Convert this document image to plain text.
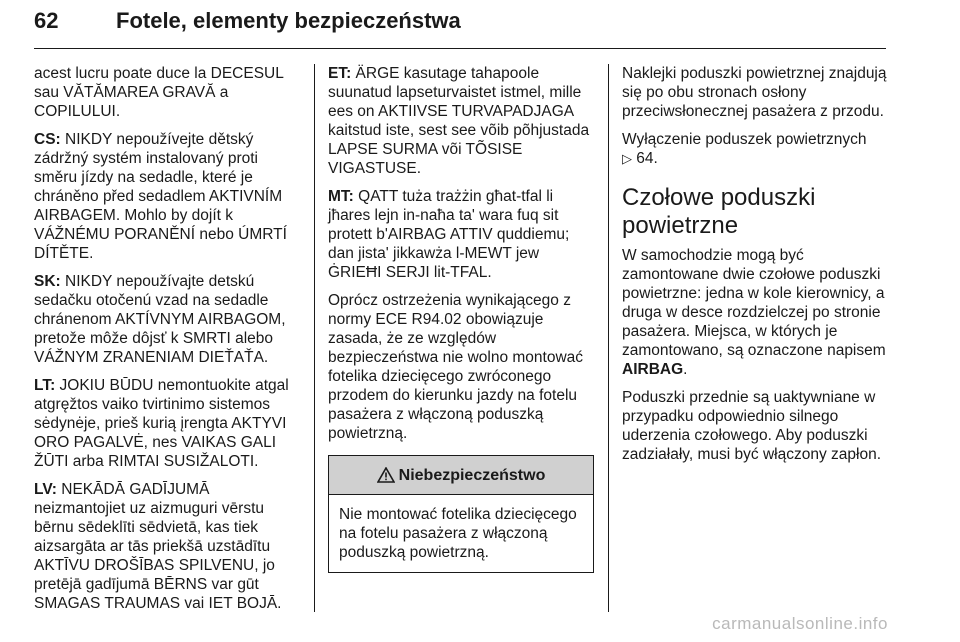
62	Fotele, elementy bezpieczeństwa

acest lucru poate duce la DECESUL sau VĂTĂMAREA GRAVĂ a COPILULUI.

CS: NIKDY nepoužívejte dětský zádržný systém instalovaný proti směru jízdy na sedadle, které je chráněno před sedadlem AKTIVNÍM AIRBAGEM. Mohlo by dojít k VÁŽNÉMU PORANĚNÍ nebo ÚMRTÍ DÍTĚTE.

SK: NIKDY nepoužívajte detskú sedačku otočenú vzad na sedadle chránenom AKTÍVNYM AIRBAGOM, pretože môže dôjsť k SMRTI alebo VÁŽNYM ZRANENIAM DIEŤAŤA.

LT: JOKIU BŪDU nemontuokite atgal atgręžtos vaiko tvirtinimo sistemos sėdynėje, prieš kurią įrengta AKTYVI ORO PAGALVĖ, nes VAIKAS GALI ŽŪTI arba RIMTAI SUSIŽALOTI.

LV: NEKĀDĀ GADĪJUMĀ neizmantojiet uz aizmuguri vērstu bērnu sēdeklīti sēdvietā, kas tiek aizsargāta ar tās priekšā uzstādītu AKTĪVU DROŠĪBAS SPILVENU, jo pretējā gadījumā BĒRNS var gūt SMAGAS TRAUMAS vai IET BOJĀ.

ET: ÄRGE kasutage tahapoole suunatud lapseturvaistet istmel, mille ees on AKTIIVSE TURVAPADJAGA kaitstud iste, sest see võib põhjustada LAPSE SURMA või TÕSISE VIGASTUSE.

MT: QATT tuża trażżin għat-tfal li jħares lejn in-naħa ta' wara fuq sit protett b'AIRBAG ATTIV quddiemu; dan jista' jikkawża l-MEWT jew ĠRIEĦI SERJI lit-TFAL.

Oprócz ostrzeżenia wynikającego z normy ECE R94.02 obowiązuje zasada, że ze względów bezpieczeństwa nie wolno montować fotelika dziecięcego zwróconego przodem do kierunku jazdy na fotelu pasażera z włączoną poduszką powietrzną.

Niebezpieczeństwo
Nie montować fotelika dziecięcego na fotelu pasażera z włączoną poduszką powietrzną.

Naklejki poduszki powietrznej znajdują się po obu stronach osłony przeciwsłonecznej pasażera z przodu.

Wyłączenie poduszek powietrznych
▷ 64.

Czołowe poduszki powietrzne

W samochodzie mogą być zamontowane dwie czołowe poduszki powietrzne: jedna w kole kierownicy, a druga w desce rozdzielczej po stronie pasażera. Miejsca, w których je zamontowano, są oznaczone napisem AIRBAG.

Poduszki przednie są uaktywniane w przypadku odpowiednio silnego uderzenia czołowego. Aby poduszki zadziałały, musi być włączony zapłon.

carmanualsonline.info
